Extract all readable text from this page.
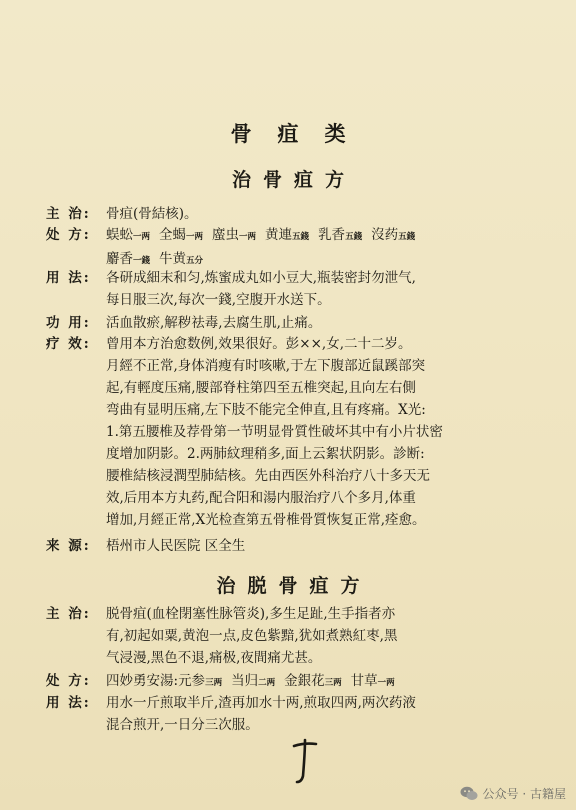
骨疽类
治骨疽方
主 治:	骨疽(骨結核)。
处 方:	蜈蚣一两 全蝎一两 䗪虫一两 黄連五錢 乳香五錢 沒药五錢
麝香一錢 牛黄五分
用 法:	各研成細末和匀,炼蜜成丸如小豆大,瓶装密封勿泄气,
每日服三次,每次一錢,空腹开水送下。
功 用:	活血散瘀,解秽祛毒,去腐生肌,止痛。
疗 效:	曾用本方治愈数例,效果很好。彭××,女,二十二岁。
月經不正常,身体消瘦有时咳嗽,于左下腹部近鼠蹊部突
起,有輕度压痛,腰部脊柱第四至五椎突起,且向左右側
弯曲有显明压痛,左下肢不能完全伸直,且有疼痛。X光:
1.第五腰椎及荐骨第一节明显骨質性破坏其中有小片状密
度增加阴影。2.两肺紋理稍多,面上云絮状阴影。診断:
腰椎結核浸潤型肺結核。先由西医外科治疗八十多天无
效,后用本方丸药,配合阳和湯内服治疗八个多月,体重
增加,月經正常,X光检查第五骨椎骨質恢复正常,痊愈。
来 源:	梧州市人民医院 区全生
治脱骨疽方
主 治:	脱骨疽(血栓閉塞性脉管炎),多生足趾,生手指者亦
有,初起如粟,黄泡一点,皮色紫黯,犹如煮熟紅枣,黑
气浸漫,黑色不退,痛极,夜間痛尤甚。
处 方:	四妙勇安湯:元参三两 当归二两 金銀花三两 甘草一两
用 法:	用水一斤煎取半斤,渣再加水十两,煎取四两,两次药液
混合煎开,一日分三次服。
公众号 · 古籍屋
